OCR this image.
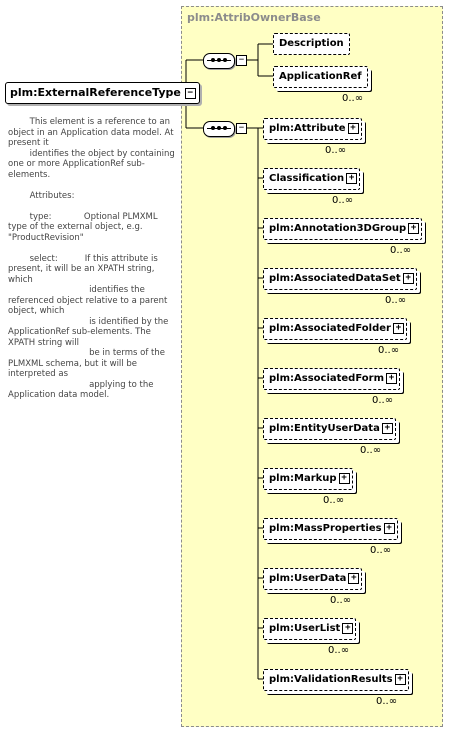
plm:AttribOwnerBase
plm:ExternalReferenceType −
This element is a reference to an object in an Application data model. At present it
identifies the object by containing one or more ApplicationRef sub-elements.

Attributes:

type:            Optional PLMXML type of the external object, e.g. "ProductRevision"

select:          If this attribute is present, it will be an XPATH string, which
identifies the referenced object relative to a parent object, which
is identified by the ApplicationRef sub-elements. The XPATH string will
be in terms of the PLMXML schema, but it will be interpreted as
applying to the Application data model.
−
−
Description
ApplicationRef
0..∞
plm:Attribute +
0..∞
Classification +
0..∞
plm:Annotation3DGroup +
0..∞
plm:AssociatedDataSet +
0..∞
plm:AssociatedFolder +
0..∞
plm:AssociatedForm +
0..∞
plm:EntityUserData +
0..∞
plm:Markup +
0..∞
plm:MassProperties +
0..∞
plm:UserData +
0..∞
plm:UserList +
0..∞
plm:ValidationResults +
0..∞
